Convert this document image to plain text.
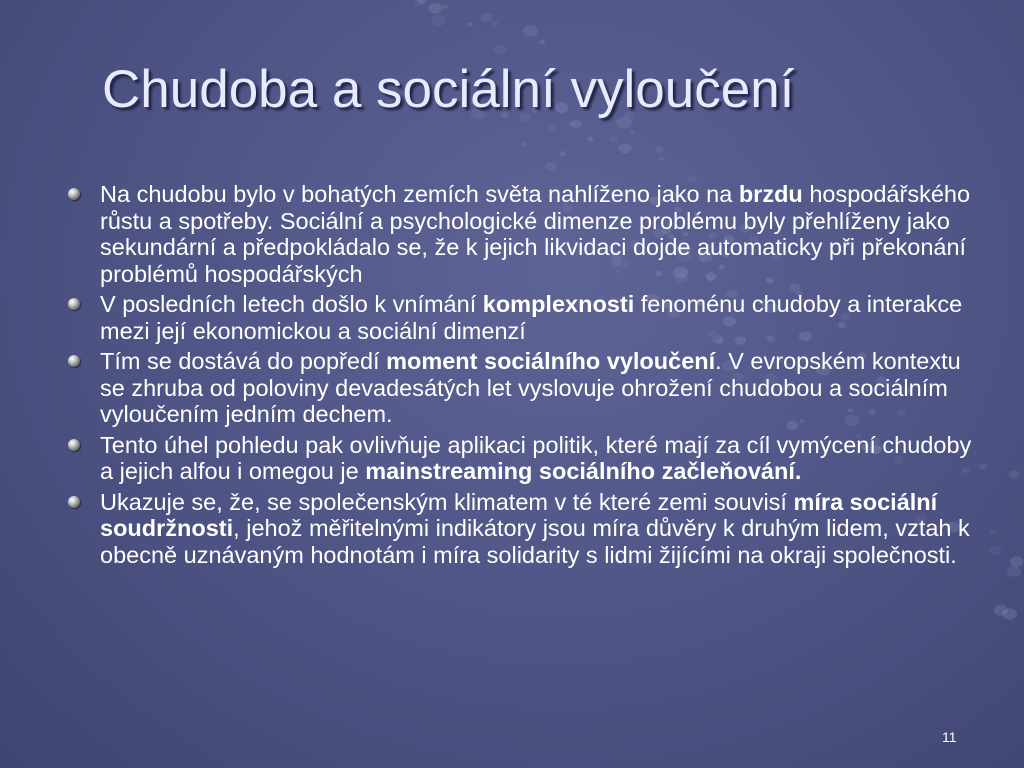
Chudoba a sociální vyloučení
Na chudobu bylo v bohatých zemích světa nahlíženo jako na brzdu hospodářského růstu a spotřeby. Sociální a psychologické dimenze problému byly přehlíženy jako sekundární a předpokládalo se, že k jejich likvidaci dojde automaticky při překonání problémů hospodářských
V posledních letech došlo k vnímání komplexnosti fenoménu chudoby a interakce mezi její ekonomickou a sociální dimenzí
Tím se dostává do popředí moment sociálního vyloučení. V evropském kontextu se zhruba od poloviny devadesátých let vyslovuje ohrožení chudobou a sociálním vyloučením jedním dechem.
Tento úhel pohledu pak ovlivňuje aplikaci politik, které mají za cíl vymýcení chudoby a jejich alfou i omegou je mainstreaming sociálního začleňování.
Ukazuje se, že, se společenským klimatem v té které zemi souvisí míra sociální soudržnosti, jehož měřitelnými indikátory jsou míra důvěry k druhým lidem, vztah k obecně uznávaným hodnotám i míra solidarity s lidmi žijícími na okraji společnosti.
11
